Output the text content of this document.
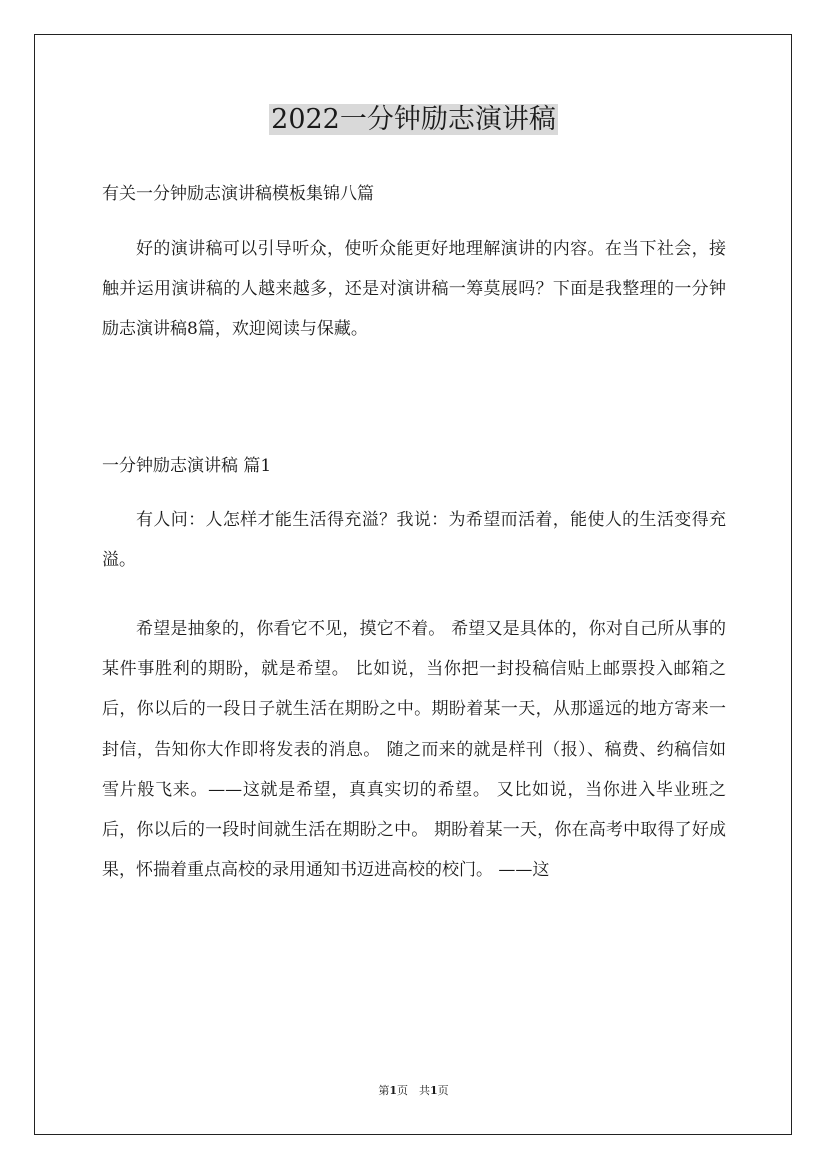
2022一分钟励志演讲稿
有关一分钟励志演讲稿模板集锦八篇

好的演讲稿可以引导听众，使听众能更好地理解演讲的内容。在当下社会，接触并运用演讲稿的人越来越多，还是对演讲稿一筹莫展吗？下面是我整理的一分钟励志演讲稿8篇，欢迎阅读与保藏。

一分钟励志演讲稿 篇1

有人问：人怎样才能生活得充溢？我说：为希望而活着，能使人的生活变得充溢。

希望是抽象的，你看它不见，摸它不着。 希望又是具体的，你对自己所从事的某件事胜利的期盼，就是希望。 比如说，当你把一封投稿信贴上邮票投入邮箱之后，你以后的一段日子就生活在期盼之中。期盼着某一天，从那遥远的地方寄来一封信，告知你大作即将发表的消息。 随之而来的就是样刊（报）、稿费、约稿信如雪片般飞来。——这就是希望，真真实切的希望。 又比如说，当你进入毕业班之后，你以后的一段时间就生活在期盼之中。 期盼着某一天，你在高考中取得了好成果，怀揣着重点高校的录用通知书迈进高校的校门。 ——这

第1页　共1页
